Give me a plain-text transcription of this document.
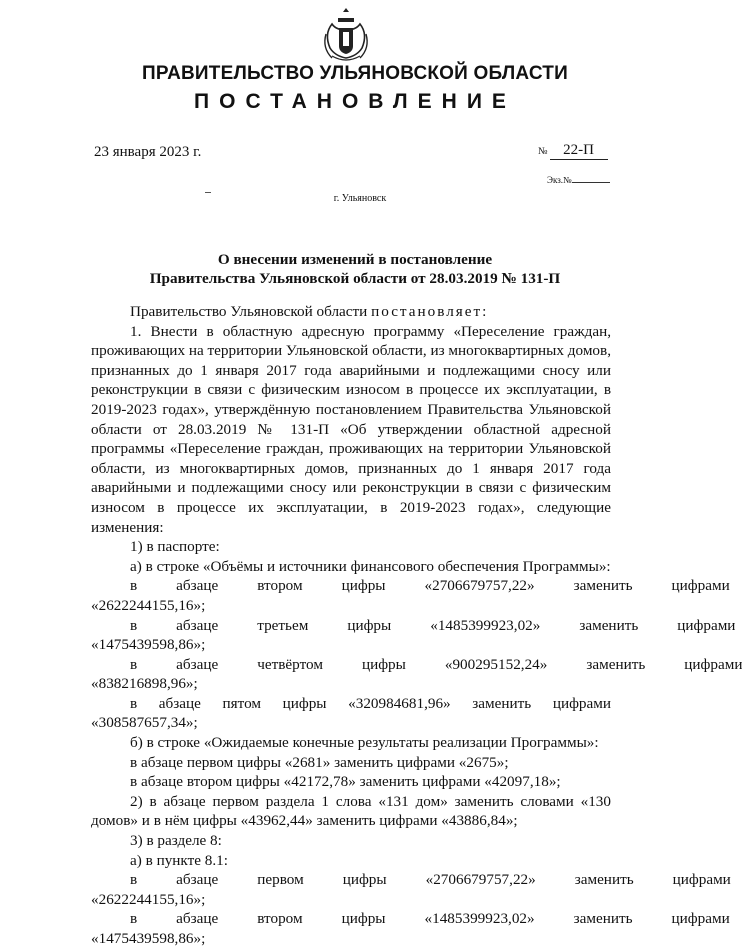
ПРАВИТЕЛЬСТВО УЛЬЯНОВСКОЙ ОБЛАСТИ
ПОСТАНОВЛЕНИЕ
23 января 2023 г.	№ 22-П
Экз.№
г. Ульяновск
О внесении изменений в постановление
Правительства Ульяновской области от 28.03.2019 № 131-П

Правительство Ульяновской области постановляет:

1. Внести в областную адресную программу «Переселение граждан, проживающих на территории Ульяновской области, из многоквартирных домов, признанных до 1 января 2017 года аварийными и подлежащими сносу или реконструкции в связи с физическим износом в процессе их эксплуатации, в 2019-2023 годах», утверждённую постановлением Правительства Ульяновской области от 28.03.2019 № 131-П «Об утверждении областной адресной программы «Переселение граждан, проживающих на территории Ульяновской области, из многоквартирных домов, признанных до 1 января 2017 года аварийными и подлежащими сносу или реконструкции в связи с физическим износом в процессе их эксплуатации, в 2019-2023 годах», следующие изменения:

1) в паспорте:

а) в строке «Объёмы и источники финансового обеспечения Программы»:

в	абзаце	втором	цифры	«2706679757,22»	заменить	цифрами

«2622244155,16»;

в	абзаце	третьем	цифры	«1485399923,02»	заменить	цифрами

«1475439598,86»;

в	абзаце	четвёртом	цифры	«900295152,24»	заменить	цифрами

«838216898,96»;

в абзаце пятом цифры «320984681,96» заменить цифрами «308587657,34»;

б) в строке «Ожидаемые конечные результаты реализации Программы»:

в абзаце первом цифры «2681» заменить цифрами «2675»;

в абзаце втором цифры «42172,78» заменить цифрами «42097,18»;

2) в абзаце первом раздела 1 слова «131 дом» заменить словами «130 домов» и в нём цифры «43962,44» заменить цифрами «43886,84»;

3) в разделе 8:

а) в пункте 8.1:

в	абзаце	первом	цифры	«2706679757,22»	заменить	цифрами

«2622244155,16»;

в	абзаце	втором	цифры	«1485399923,02»	заменить	цифрами

«1475439598,86»;
